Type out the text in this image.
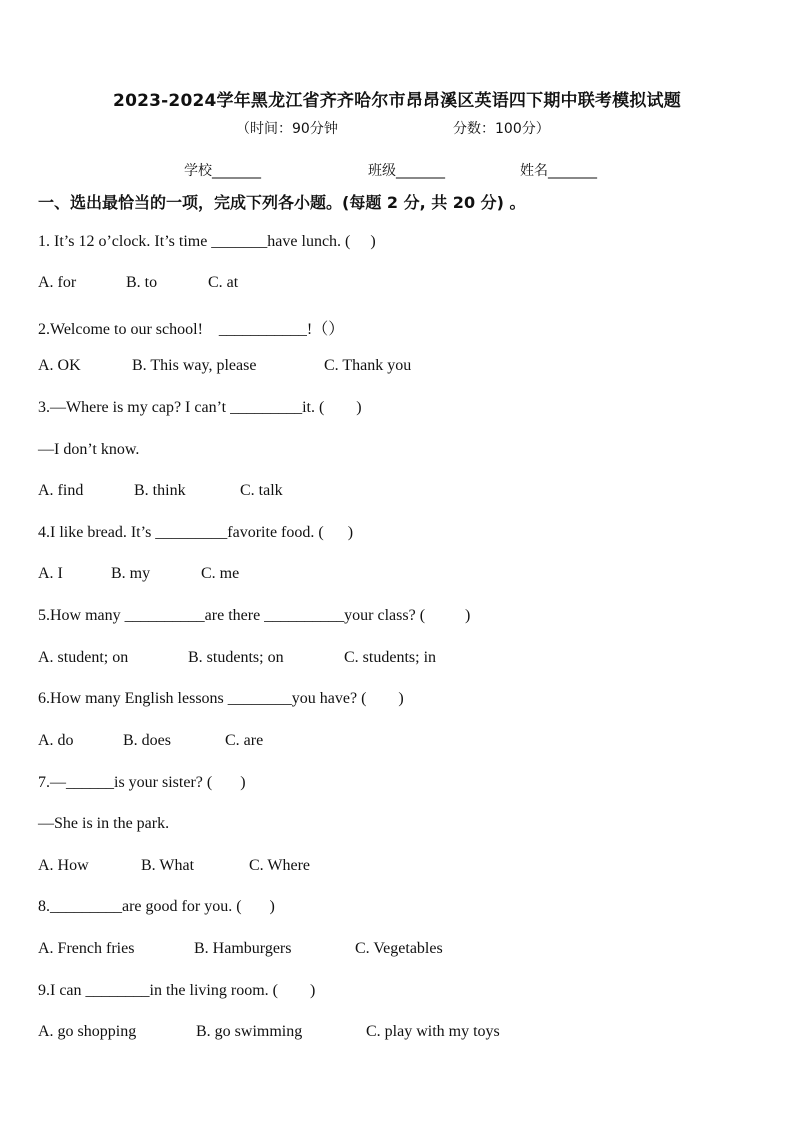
2023-2024学年黑龙江省齐齐哈尔市昂昂溪区英语四下期中联考模拟试题
（时间：90分钟	分数：100分）
学校_______	班级_______	姓名_______
一、选出最恰当的一项，完成下列各小题。(每题 2 分, 共 20 分) 。
1. It’s 12 o’clock. It’s time _______have lunch. (     )
A. for	B. to	C. at
2.Welcome to our school!    ___________!（）
A. OK	B. This way, please	C. Thank you
3.—Where is my cap? I can’t _________it. (        )
—I don’t know.
A. find	B. think	C. talk
4.I like bread. It’s _________favorite food. (      )
A. I	B. my	C. me
5.How many __________are there __________your class? (          )
A. student; on	B. students; on	C. students; in
6.How many English lessons ________you have? (        )
A. do	B. does	C. are
7.—______is your sister? (       )
—She is in the park.
A. How	B. What	C. Where
8._________are good for you. (       )
A. French fries	B. Hamburgers	C. Vegetables
9.I can ________in the living room. (        )
A. go shopping	B. go swimming	C. play with my toys
